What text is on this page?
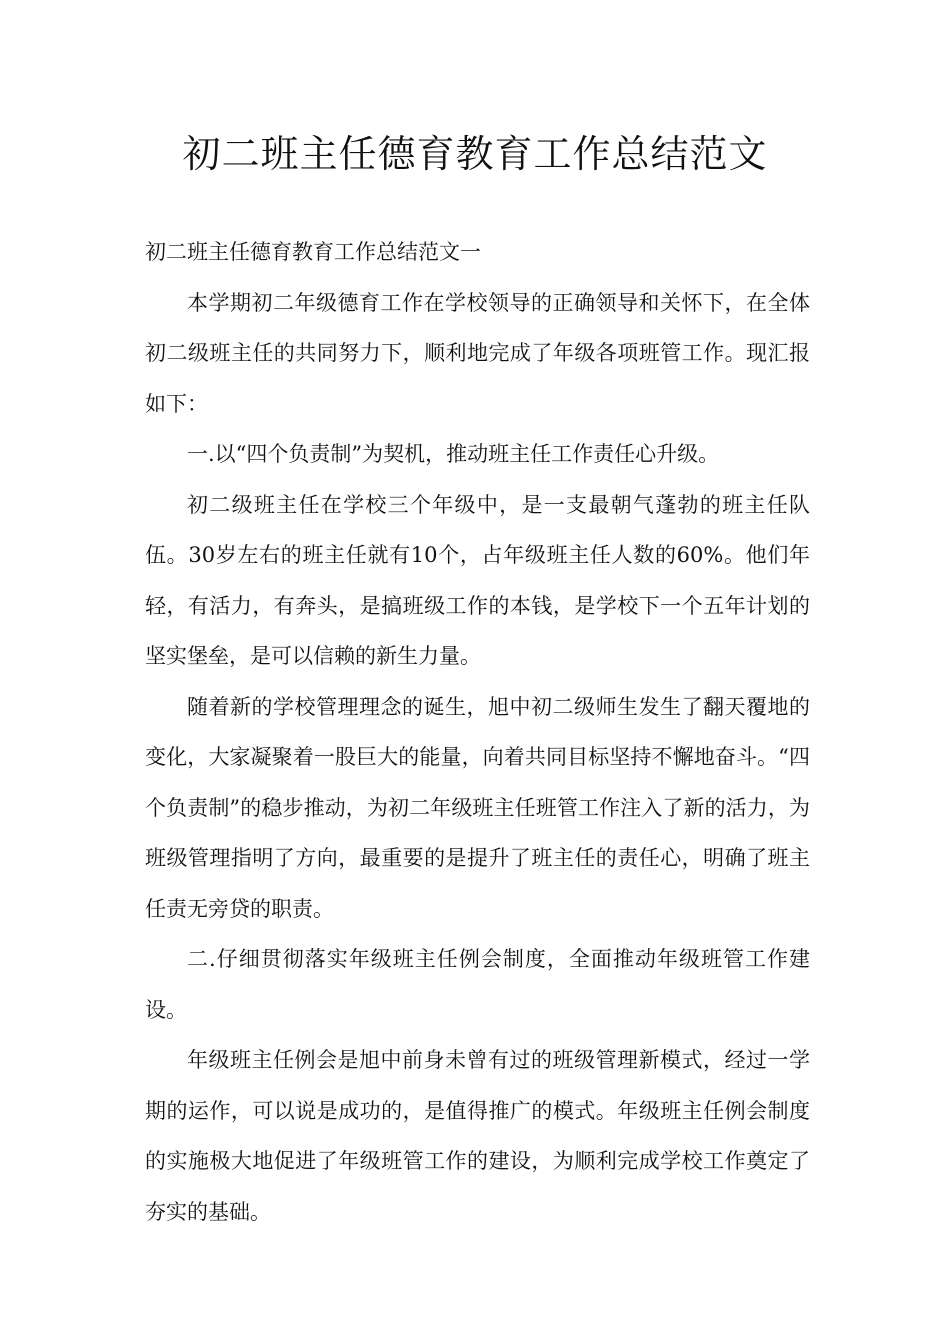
初二班主任德育教育工作总结范文

初二班主任德育教育工作总结范文一

本学期初二年级德育工作在学校领导的正确领导和关怀下，在全体初二级班主任的共同努力下，顺利地完成了年级各项班管工作。现汇报如下：

一.以“四个负责制”为契机，推动班主任工作责任心升级。

初二级班主任在学校三个年级中，是一支最朝气蓬勃的班主任队伍。30岁左右的班主任就有10个，占年级班主任人数的60%。他们年轻，有活力，有奔头，是搞班级工作的本钱，是学校下一个五年计划的坚实堡垒，是可以信赖的新生力量。

随着新的学校管理理念的诞生，旭中初二级师生发生了翻天覆地的变化，大家凝聚着一股巨大的能量，向着共同目标坚持不懈地奋斗。“四个负责制”的稳步推动，为初二年级班主任班管工作注入了新的活力，为班级管理指明了方向，最重要的是提升了班主任的责任心，明确了班主任责无旁贷的职责。

二.仔细贯彻落实年级班主任例会制度，全面推动年级班管工作建设。

年级班主任例会是旭中前身未曾有过的班级管理新模式，经过一学期的运作，可以说是成功的，是值得推广的模式。年级班主任例会制度的实施极大地促进了年级班管工作的建设，为顺利完成学校工作奠定了夯实的基础。
